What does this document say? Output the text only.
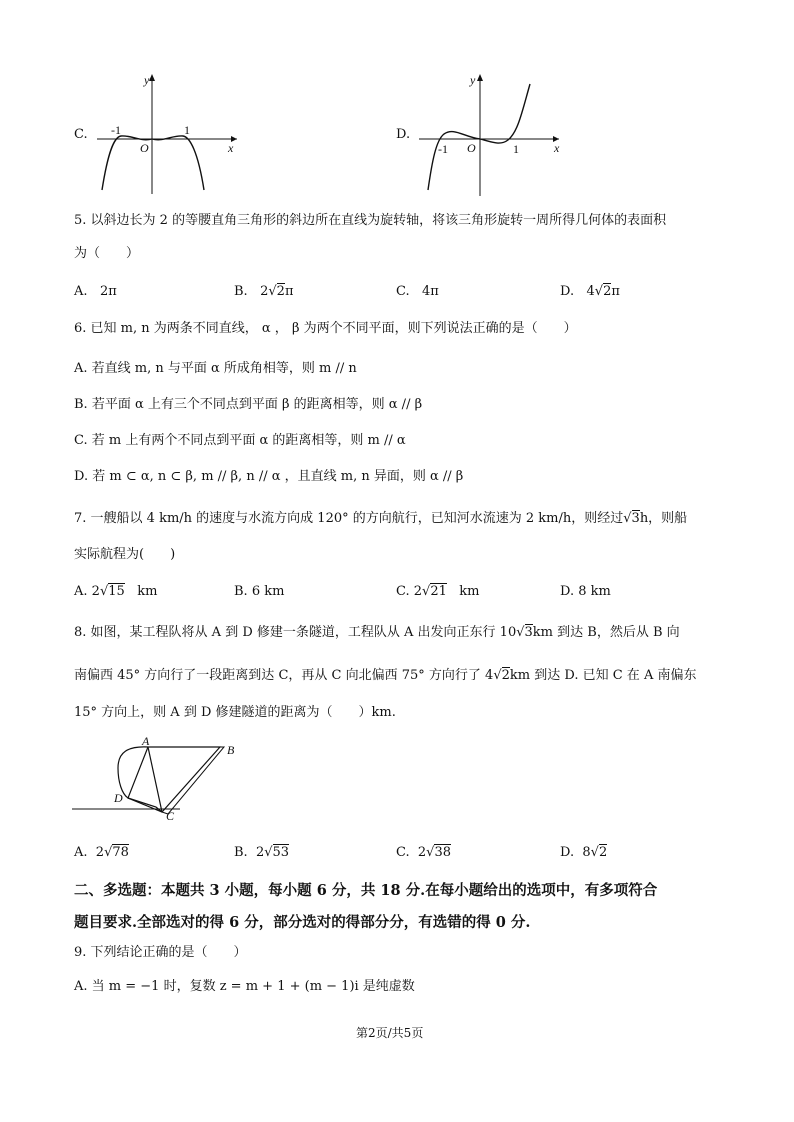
C.
y
x
O
-1	1	D.
y
x
O
-1	1
5. 以斜边长为 2 的等腰直角三角形的斜边所在直线为旋转轴，将该三角形旋转一周所得几何体的表面积
为（　　）
A. 2π	B. 2√2π	C. 4π	D. 4√2π
6. 已知 m, n 为两条不同直线， α ， β 为两个不同平面，则下列说法正确的是（　　）
A. 若直线 m, n 与平面 α 所成角相等，则 m // n
B. 若平面 α 上有三个不同点到平面 β 的距离相等，则 α // β
C. 若 m 上有两个不同点到平面 α 的距离相等，则 m // α
D. 若 m ⊂ α, n ⊂ β, m // β, n // α ，且直线 m, n 异面，则 α // β
7. 一艘船以 4 km/h 的速度与水流方向成 120° 的方向航行，已知河水流速为 2 km/h，则经过√3h，则船
实际航程为(　　)
A. 2√15 km	B. 6 km	C. 2√21 km	D. 8 km
8. 如图，某工程队将从 A 到 D 修建一条隧道，工程队从 A 出发向正东行 10√3km 到达 B，然后从 B 向
南偏西 45° 方向行了一段距离到达 C，再从 C 向北偏西 75° 方向行了 4√2km 到达 D. 已知 C 在 A 南偏东
15° 方向上，则 A 到 D 修建隧道的距离为（　　）km.
A
B
C
D
A. 2√78	B. 2√53	C. 2√38	D. 8√2
二、多选题：本题共 3 小题，每小题 6 分，共 18 分.在每小题给出的选项中，有多项符合
题目要求.全部选对的得 6 分，部分选对的得部分分，有选错的得 0 分.
9. 下列结论正确的是（　　）
A. 当 m = −1 时，复数 z = m + 1 + (m − 1)i 是纯虚数
第2页/共5页
